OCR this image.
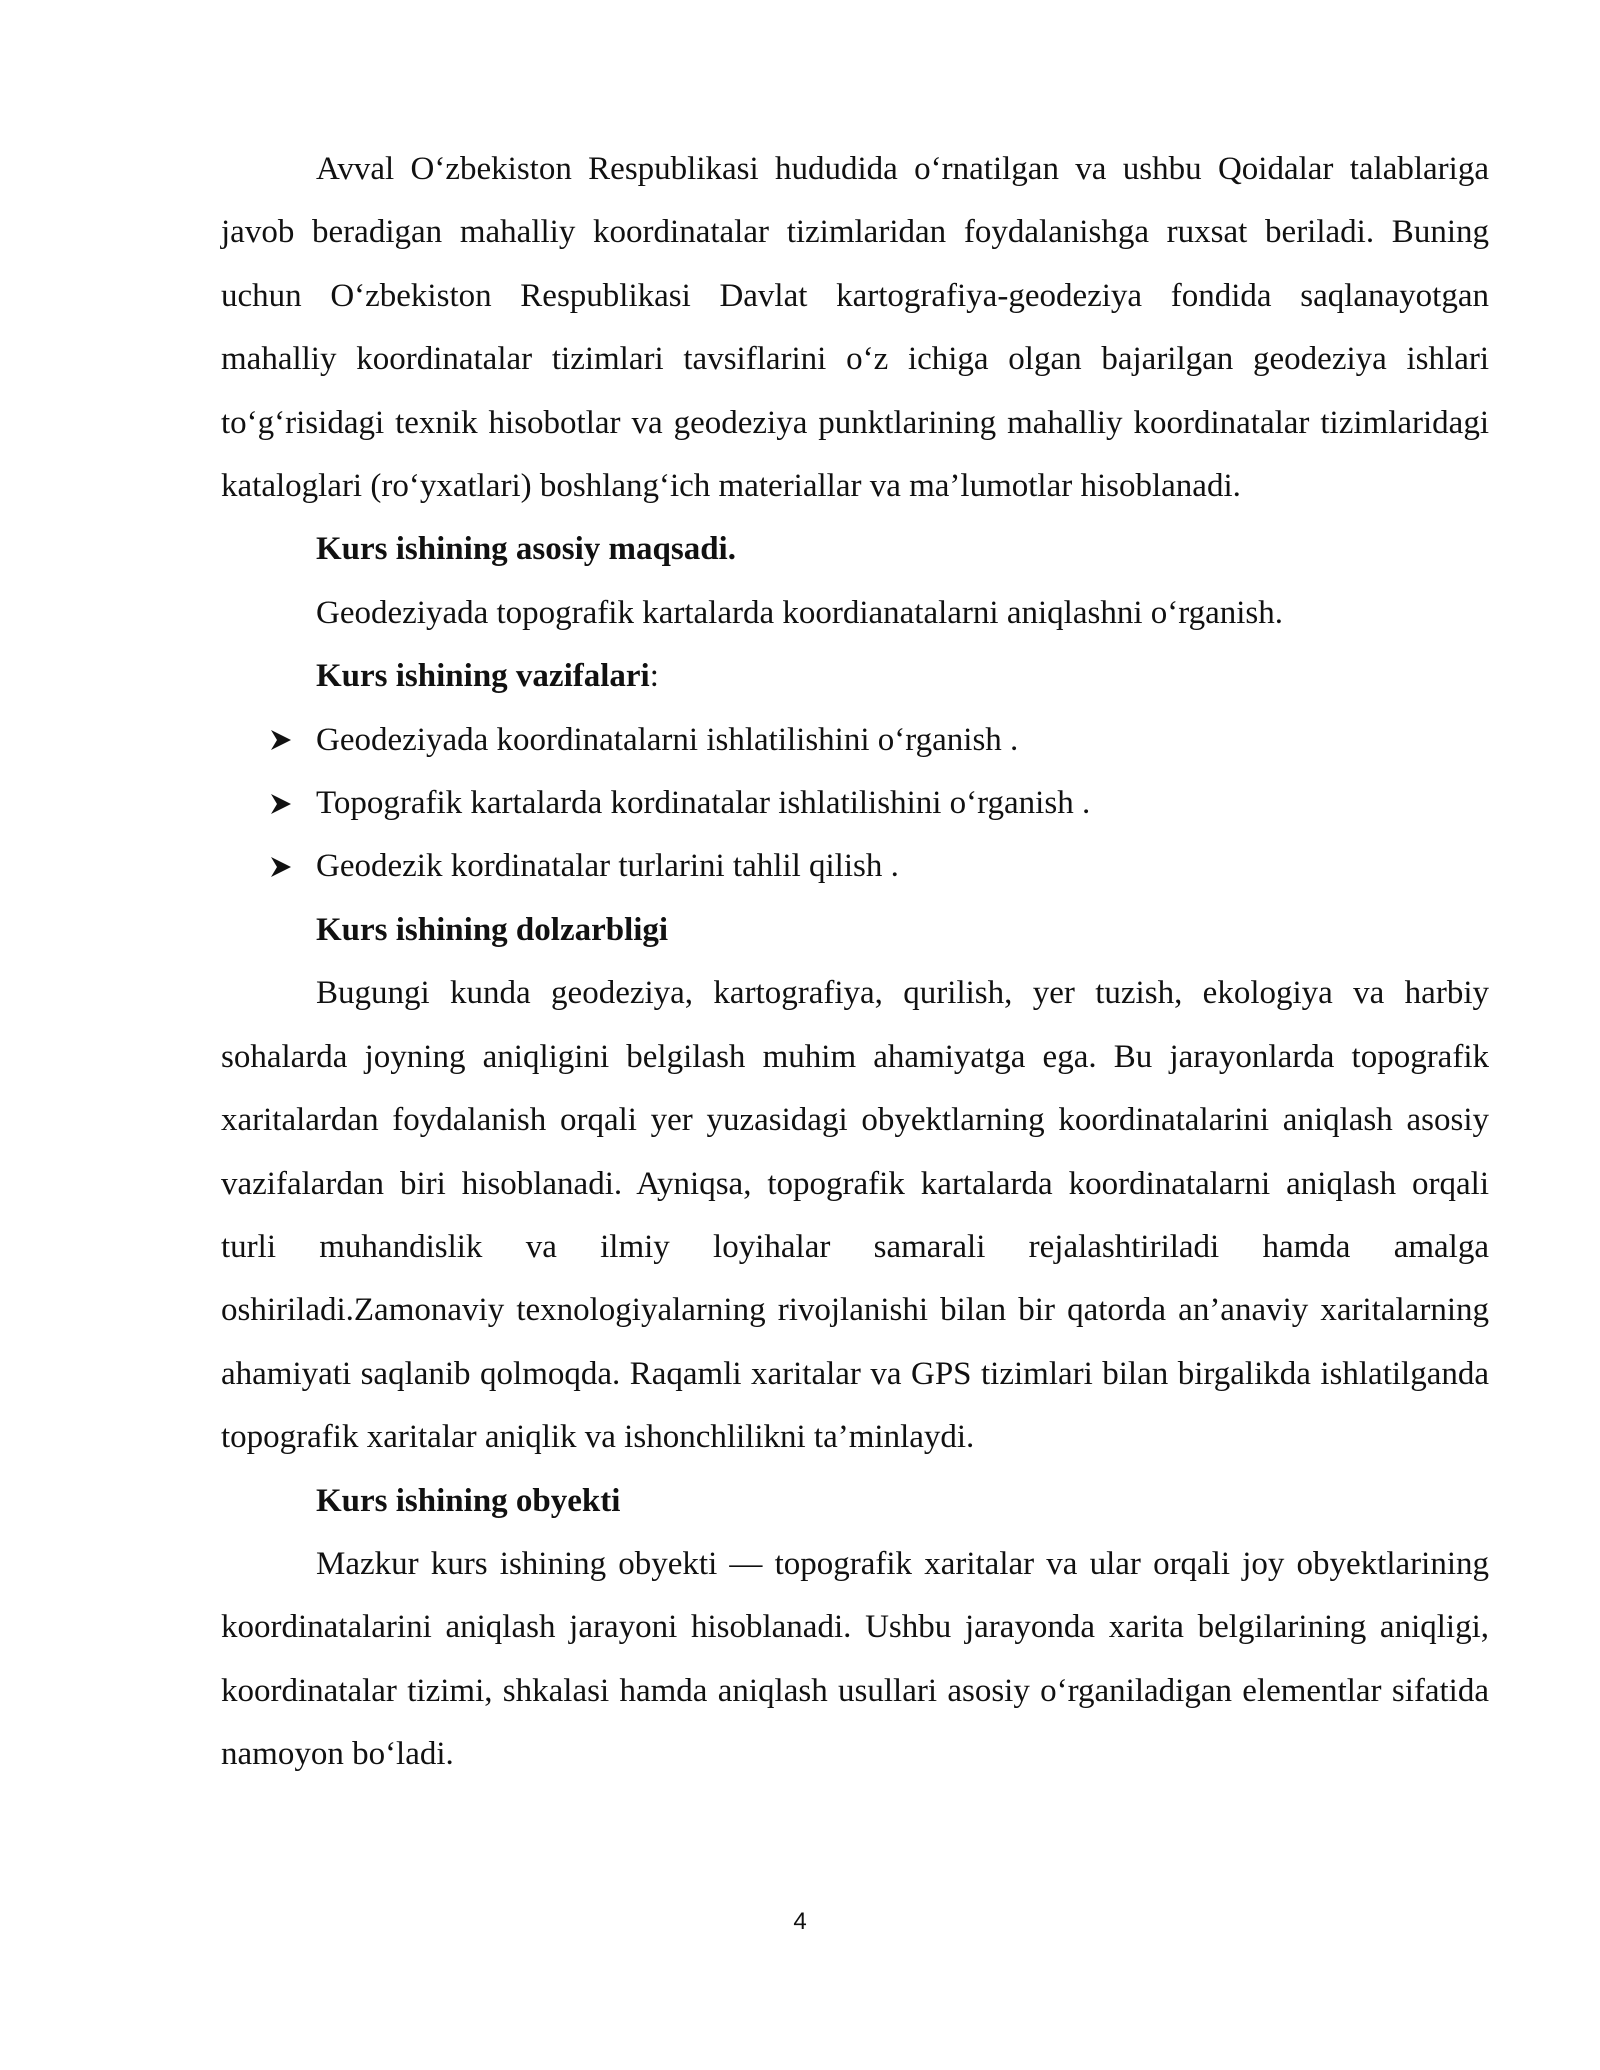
Avval O‘zbekiston Respublikasi hududida o‘rnatilgan va ushbu Qoidalar talablariga javob beradigan mahalliy koordinatalar tizimlaridan foydalanishga ruxsat beriladi. Buning uchun O‘zbekiston Respublikasi Davlat kartografiya-geodeziya fondida saqlanayotgan mahalliy koordinatalar tizimlari tavsiflarini o‘z ichiga olgan bajarilgan geodeziya ishlari to‘g‘risidagi texnik hisobotlar va geodeziya punktlarining mahalliy koordinatalar tizimlaridagi kataloglari (ro‘yxatlari) boshlang‘ich materiallar va ma’lumotlar hisoblanadi.

Kurs ishining asosiy maqsadi.

Geodeziyada topografik kartalarda koordianatalarni aniqlashni o‘rganish.

Kurs ishining vazifalari:

Geodeziyada koordinatalarni ishlatilishini o‘rganish .
Topografik kartalarda kordinatalar ishlatilishini o‘rganish .
Geodezik kordinatalar turlarini tahlil qilish .

Kurs ishining dolzarbligi

Bugungi kunda geodeziya, kartografiya, qurilish, yer tuzish, ekologiya va harbiy sohalarda joyning aniqligini belgilash muhim ahamiyatga ega. Bu jarayonlarda topografik xaritalardan foydalanish orqali yer yuzasidagi obyektlarning koordinatalarini aniqlash asosiy vazifalardan biri hisoblanadi. Ayniqsa, topografik kartalarda koordinatalarni aniqlash orqali turli muhandislik va ilmiy loyihalar samarali rejalashtiriladi hamda amalga oshiriladi.Zamonaviy texnologiyalarning rivojlanishi bilan bir qatorda an’anaviy xaritalarning ahamiyati saqlanib qolmoqda. Raqamli xaritalar va GPS tizimlari bilan birgalikda ishlatilganda topografik xaritalar aniqlik va ishonchlilikni ta’minlaydi.

Kurs ishining obyekti

Mazkur kurs ishining obyekti — topografik xaritalar va ular orqali joy obyektlarining koordinatalarini aniqlash jarayoni hisoblanadi. Ushbu jarayonda xarita belgilarining aniqligi, koordinatalar tizimi, shkalasi hamda aniqlash usullari asosiy o‘rganiladigan elementlar sifatida namoyon bo‘ladi.

4
